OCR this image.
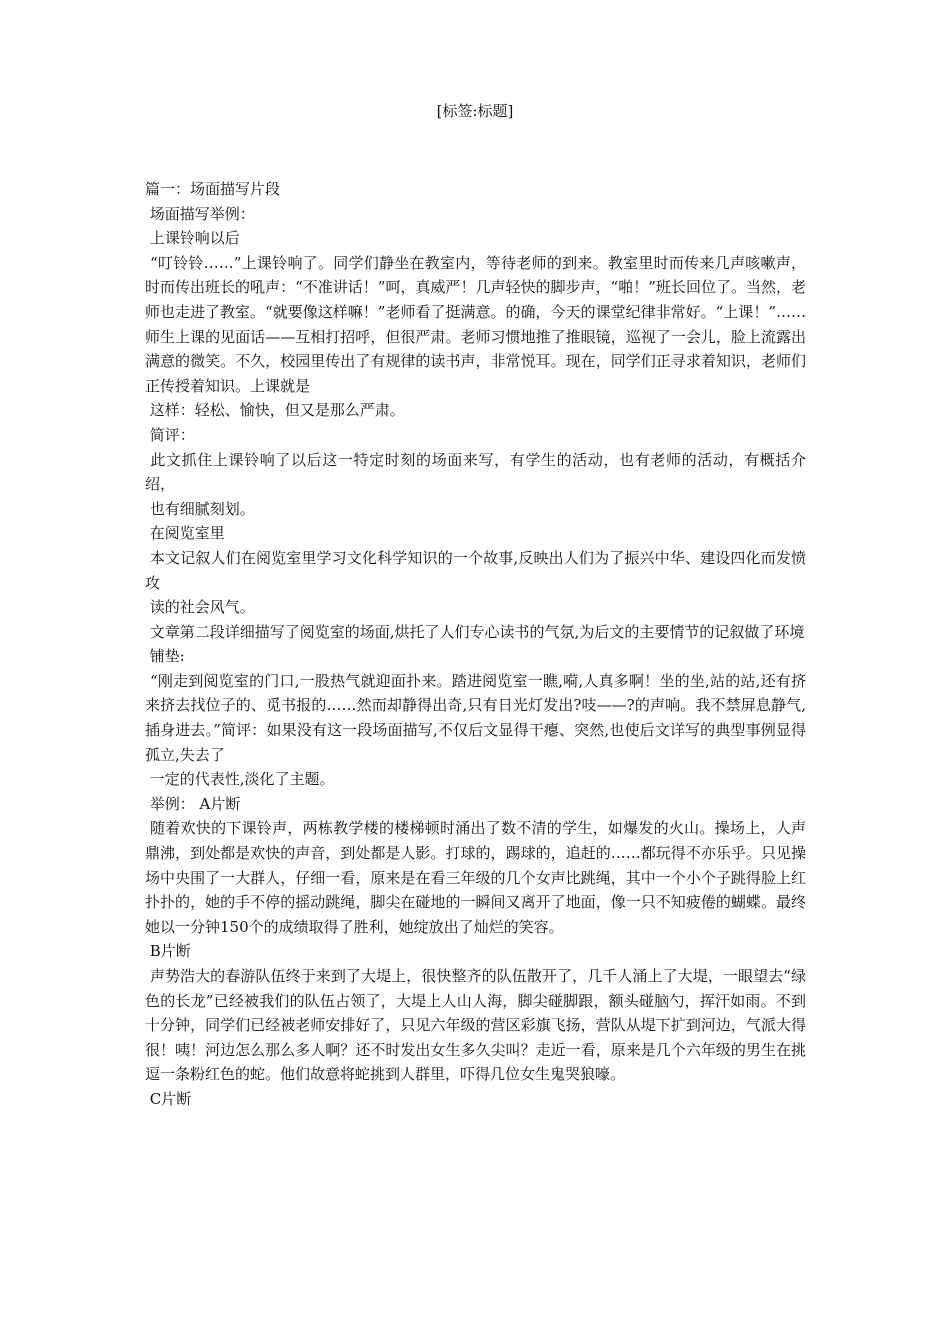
[标签:标题]
篇一：场面描写片段
场面描写举例：
上课铃响以后
“叮铃铃……”上课铃响了。同学们静坐在教室内，等待老师的到来。教室里时而传来几声咳嗽声，时而传出班长的吼声：“不准讲话！”呵，真威严！几声轻快的脚步声，“啪！”班长回位了。当然，老师也走进了教室。“就要像这样嘛！”老师看了挺满意。的确，今天的课堂纪律非常好。“上课！”……师生上课的见面话——互相打招呼，但很严肃。老师习惯地推了推眼镜，巡视了一会儿，脸上流露出满意的微笑。不久，校园里传出了有规律的读书声，非常悦耳。现在，同学们正寻求着知识，老师们正传授着知识。上课就是
这样：轻松、愉快，但又是那么严肃。
简评：
此文抓住上课铃响了以后这一特定时刻的场面来写，有学生的活动，也有老师的活动，有概括介绍，
也有细腻刻划。
在阅览室里
本文记叙人们在阅览室里学习文化科学知识的一个故事,反映出人们为了振兴中华、建设四化而发愤攻
读的社会风气。
文章第二段详细描写了阅览室的场面,烘托了人们专心读书的气氛,为后文的主要情节的记叙做了环境
铺垫:
“刚走到阅览室的门口,一股热气就迎面扑来。踏进阅览室一瞧,嗬,人真多啊！坐的坐,站的站,还有挤来挤去找位子的、觅书报的……然而却静得出奇,只有日光灯发出?吱——?的声响。我不禁屏息静气,插身进去。”简评：如果没有这一段场面描写,不仅后文显得干瘪、突然,也使后文详写的典型事例显得孤立,失去了
一定的代表性,淡化了主题。
举例： A片断
随着欢快的下课铃声，两栋教学楼的楼梯顿时涌出了数不清的学生，如爆发的火山。操场上，人声鼎沸，到处都是欢快的声音，到处都是人影。打球的，踢球的，追赶的……都玩得不亦乐乎。只见操场中央围了一大群人，仔细一看，原来是在看三年级的几个女声比跳绳，其中一个小个子跳得脸上红扑扑的，她的手不停的摇动跳绳，脚尖在碰地的一瞬间又离开了地面，像一只不知疲倦的蝴蝶。最终她以一分钟150个的成绩取得了胜利，她绽放出了灿烂的笑容。
B片断
声势浩大的春游队伍终于来到了大堤上，很快整齐的队伍散开了，几千人涌上了大堤，一眼望去“绿色的长龙”已经被我们的队伍占领了，大堤上人山人海，脚尖碰脚跟，额头碰脑勺，挥汗如雨。不到十分钟，同学们已经被老师安排好了，只见六年级的营区彩旗飞扬，营队从堤下扩到河边，气派大得很！咦！河边怎么那么多人啊？还不时发出女生多久尖叫？走近一看，原来是几个六年级的男生在挑逗一条粉红色的蛇。他们故意将蛇挑到人群里，吓得几位女生鬼哭狼嚎。
C片断
